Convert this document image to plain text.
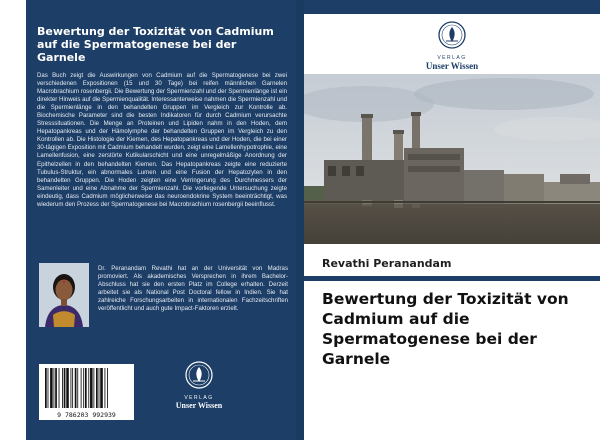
Bewertung der Toxizität von Cadmium auf die Spermatogenese bei der Garnele
Das Buch zeigt die Auswirkungen von Cadmium auf die Spermatogenese bei zwei verschiedenen Expositionen (15 und 30 Tage) bei reifen männlichen Garnelen Macrobrachium rosenbergii. Die Bewertung der Spermienzahl und der Spermienlänge ist ein direkter Hinweis auf die Spermienqualität. Interessanterweise nahmen die Spermienzahl und die Spermienlänge in den behandelten Gruppen im Vergleich zur Kontrolle ab. Biochemische Parameter sind die besten Indikatoren für durch Cadmium verursachte Stresssituationen. Die Menge an Proteinen und Lipiden nahm in den Hoden, dem Hepatopankreas und der Hämolymphe der behandelten Gruppen im Vergleich zu den Kontrollen ab. Die Histologie der Kiemen, des Hepatopankreas und der Hoden, die bei einer 30-tägigen Exposition mit Cadmium behandelt wurden, zeigt eine Lamellenhypotrophie, eine Lamellenfusion, eine zerstörte Kutikularschicht und eine unregelmäßige Anordnung der Epithelzellen in den behandelten Kiemen. Das Hepatopankreas zeigte eine reduzierte Tubulus-Struktur, ein abnormales Lumen und eine Fusion der Hepatozyten in den behandelten Gruppen. Die Hoden zeigten eine Verringerung des Durchmessers der Samenleiter und eine Abnahme der Spermienzahl. Die vorliegende Untersuchung zeigte eindeutig, dass Cadmium möglicherweise das neuroendokrine System beeinträchtigt, was wiederum den Prozess der Spermatogenese bei Macrobrachium rosenbergii beeinflusst.
Dr. Peranandam Revathi hat an der Universität von Madras promoviert. Als akademisches Versprechen in ihrem Bachelor-Abschluss hat sie den ersten Platz im College erhalten. Derzeit arbeitet sie als National Post Doctoral fellow in Indien. Sie hat zahlreiche Forschungsarbeiten in internationalen Fachzeitschriften veröffentlicht und auch gute Impact-Faktoren erzielt.
9 786203 992939
VERLAG
Unser Wissen
VERLAG
Unser Wissen
Revathi Peranandam
Bewertung der Toxizität von Cadmium auf die Spermatogenese bei der Garnele
